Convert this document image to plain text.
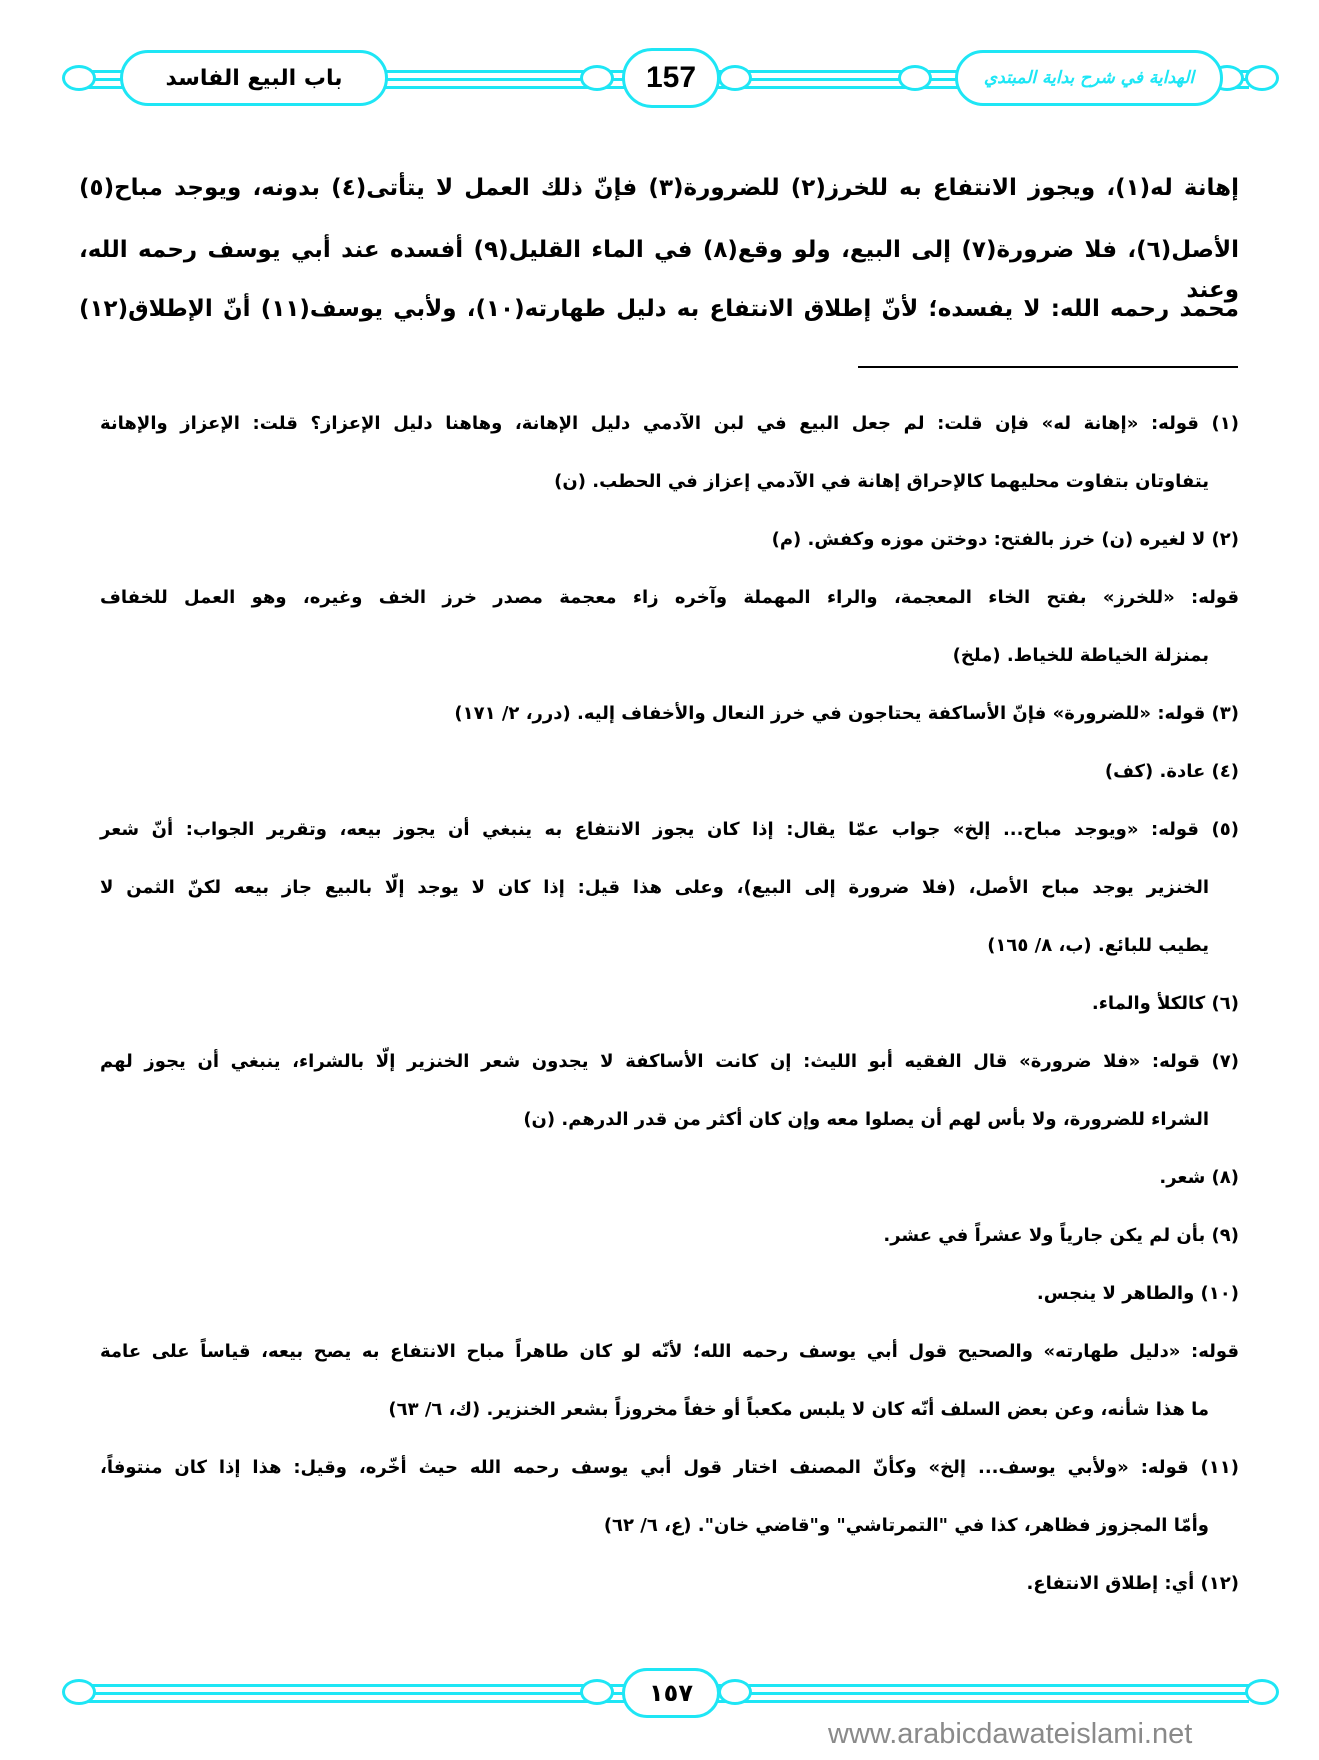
باب البيع الفاسد	157	الهداية في شرح بداية المبتدي
إهانة له(١)، ويجوز الانتفاع به للخرز(٢) للضرورة(٣) فإنّ ذلك العمل لا يتأتى(٤) بدونه، ويوجد مباح(٥)
الأصل(٦)، فلا ضرورة(٧) إلى البيع، ولو وقع(٨) في الماء القليل(٩) أفسده عند أبي يوسف رحمه الله، وعند
محمد رحمه الله: لا يفسده؛ لأنّ إطلاق الانتفاع به دليل طهارته(١٠)، ولأبي يوسف(١١) أنّ الإطلاق(١٢)
(١) قوله: «إهانة له» فإن قلت: لم جعل البيع في لبن الآدمي دليل الإهانة، وهاهنا دليل الإعزاز؟ قلت: الإعزاز والإهانة
يتفاوتان بتفاوت محليهما كالإحراق إهانة في الآدمي إعزاز في الحطب. (ن)
(٢) لا لغيره (ن) خرز بالفتح: دوختن موزه وكفش. (م)
قوله: «للخرز» بفتح الخاء المعجمة، والراء المهملة وآخره زاء معجمة مصدر خرز الخف وغيره، وهو العمل للخفاف
بمنزلة الخياطة للخياط. (ملخ)
(٣) قوله: «للضرورة» فإنّ الأساكفة يحتاجون في خرز النعال والأخفاف إليه. (درر، ٢/ ١٧١)
(٤) عادة. (كف)
(٥) قوله: «ويوجد مباح... إلخ» جواب عمّا يقال: إذا كان يجوز الانتفاع به ينبغي أن يجوز بيعه، وتقرير الجواب: أنّ شعر
الخنزير يوجد مباح الأصل، (فلا ضرورة إلى البيع)، وعلى هذا قيل: إذا كان لا يوجد إلّا بالبيع جاز بيعه لكنّ الثمن لا
يطيب للبائع. (ب، ٨/ ١٦٥)
(٦) كالكلأ والماء.
(٧) قوله: «فلا ضرورة» قال الفقيه أبو الليث: إن كانت الأساكفة لا يجدون شعر الخنزير إلّا بالشراء، ينبغي أن يجوز لهم
الشراء للضرورة، ولا بأس لهم أن يصلوا معه وإن كان أكثر من قدر الدرهم. (ن)
(٨) شعر.
(٩) بأن لم يكن جارياً ولا عشراً في عشر.
(١٠) والطاهر لا ينجس.
قوله: «دليل طهارته» والصحيح قول أبي يوسف رحمه الله؛ لأنّه لو كان طاهراً مباح الانتفاع به يصح بيعه، قياساً على عامة
ما هذا شأنه، وعن بعض السلف أنّه كان لا يلبس مكعباً أو خفاً مخروزاً بشعر الخنزير. (ك، ٦/ ٦٣)
(١١) قوله: «ولأبي يوسف... إلخ» وكأنّ المصنف اختار قول أبي يوسف رحمه الله حيث أخّره، وقيل: هذا إذا كان منتوفاً،
وأمّا المجزوز فظاهر، كذا في "التمرتاشي" و"قاضي خان". (ع، ٦/ ٦٢)
(١٢) أي: إطلاق الانتفاع.
١٥٧
www.arabicdawateislami.net
